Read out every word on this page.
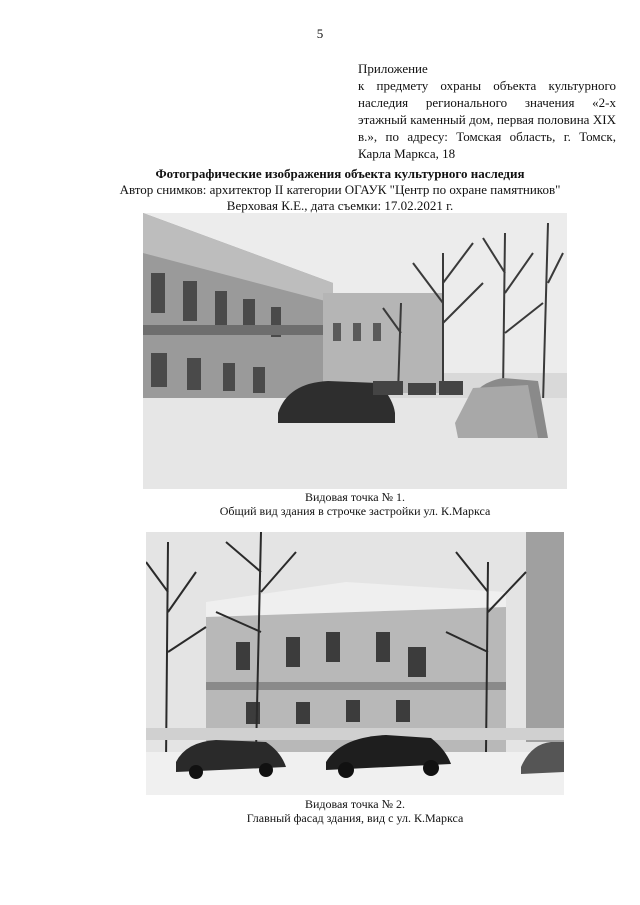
5
Приложение
к предмету охраны объекта культурного наследия регионального значения «2-х этажный каменный дом, первая половина XIX в.», по адресу: Томская область, г. Томск, Карла Маркса, 18
Фотографические изображения объекта культурного наследия
Автор снимков: архитектор II категории ОГАУК "Центр по охране памятников"
Верховая К.Е., дата съемки: 17.02.2021 г.
Видовая точка № 1.
Общий вид здания в строчке застройки ул. К.Маркса
Видовая точка № 2.
Главный фасад здания, вид с ул. К.Маркса
